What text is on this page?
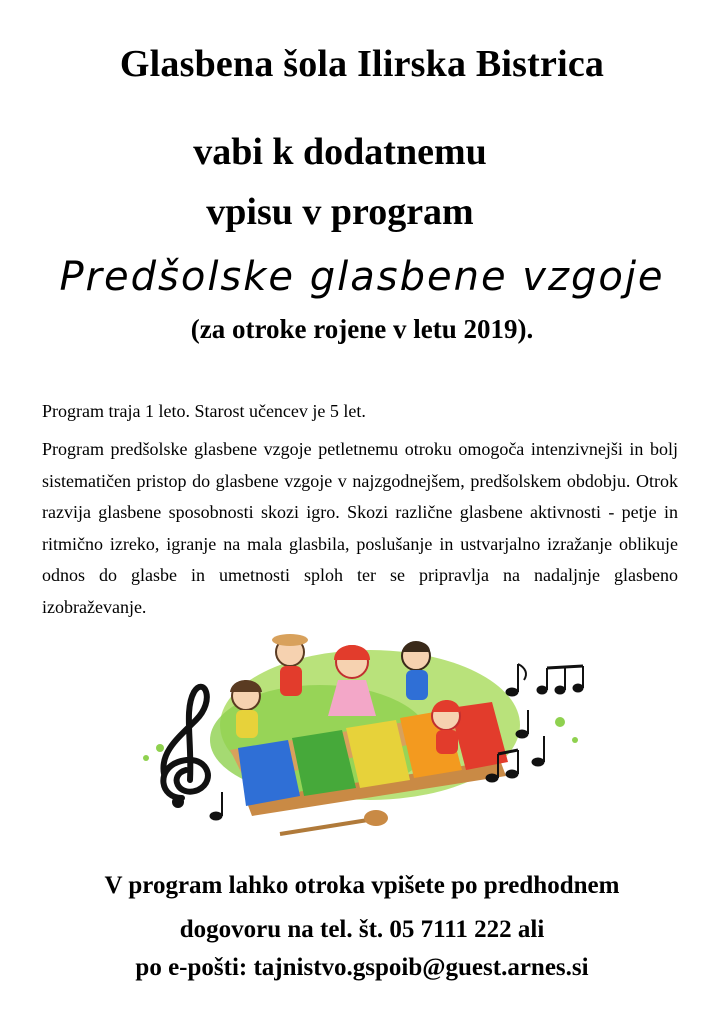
Glasbena šola Ilirska Bistrica
vabi k dodatnemu
vpisu v program
Predšolske glasbene vzgoje
(za otroke rojene v letu 2019).
Program traja 1 leto. Starost učencev je 5 let.
Program predšolske glasbene vzgoje petletnemu otroku omogoča intenzivnejši in bolj sistematičen pristop do glasbene vzgoje v najzgodnejšem, predšolskem obdobju. Otrok razvija glasbene sposobnosti skozi igro. Skozi različne glasbene aktivnosti - petje in ritmično izreko, igranje na mala glasbila, poslušanje in ustvarjalno izražanje oblikuje odnos do glasbe in umetnosti sploh ter se pripravlja na nadaljnje glasbeno izobraževanje.
V program lahko otroka vpišete po predhodnem
dogovoru na tel. št. 05 7111 222 ali
po e-pošti: tajnistvo.gspoib@guest.arnes.si
